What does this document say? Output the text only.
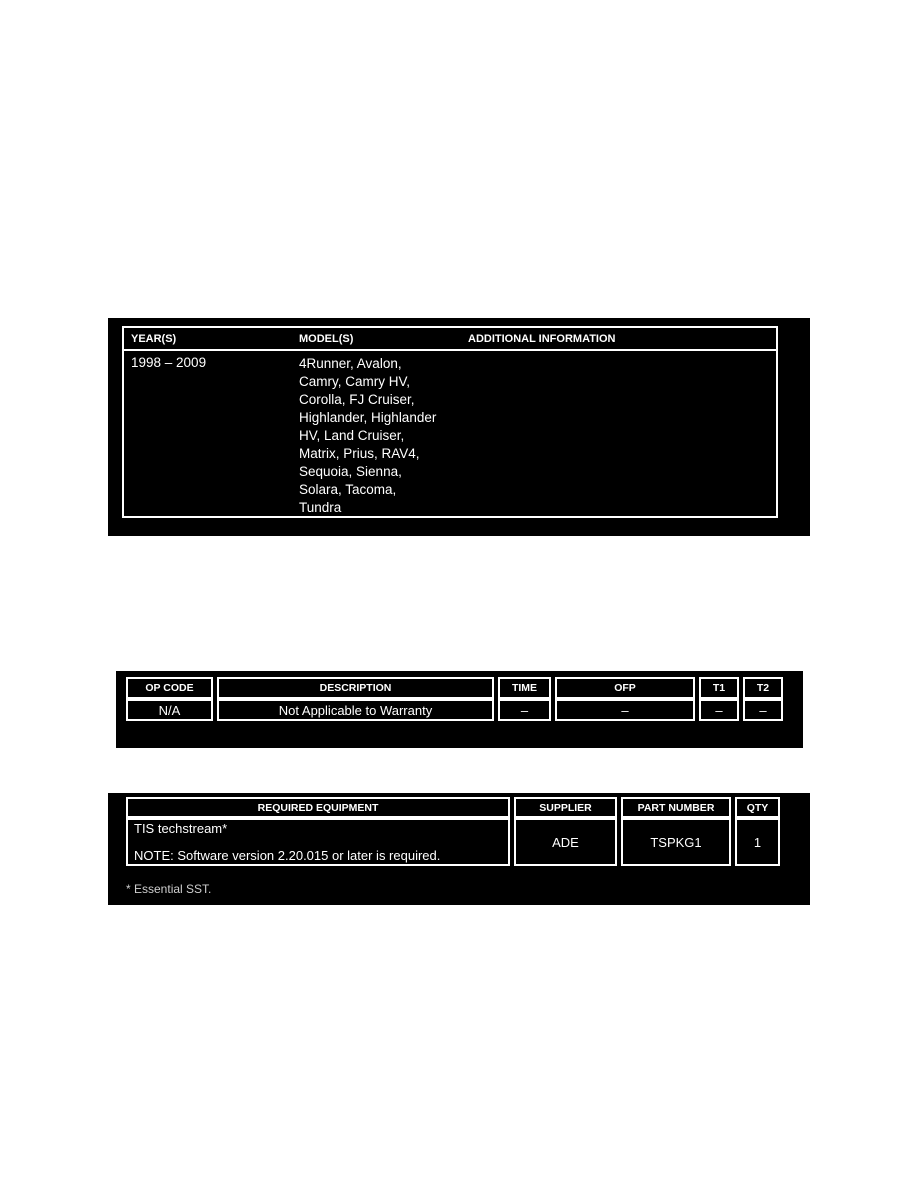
YEAR(S)	MODEL(S)	ADDITIONAL INFORMATION
1998 – 2009	4Runner, Avalon,
Camry, Camry HV,
Corolla, FJ Cruiser,
Highlander, Highlander
HV, Land Cruiser,
Matrix, Prius, RAV4,
Sequoia, Sienna,
Solara, Tacoma,
Tundra
OP CODE	DESCRIPTION	TIME	OFP	T1	T2
N/A	Not Applicable to Warranty	–	–	–	–
REQUIRED EQUIPMENT	SUPPLIER	PART NUMBER	QTY

TIS techstream*
NOTE: Software version 2.20.015 or later is required.	ADE	TSPKG1	1
* Essential SST.
